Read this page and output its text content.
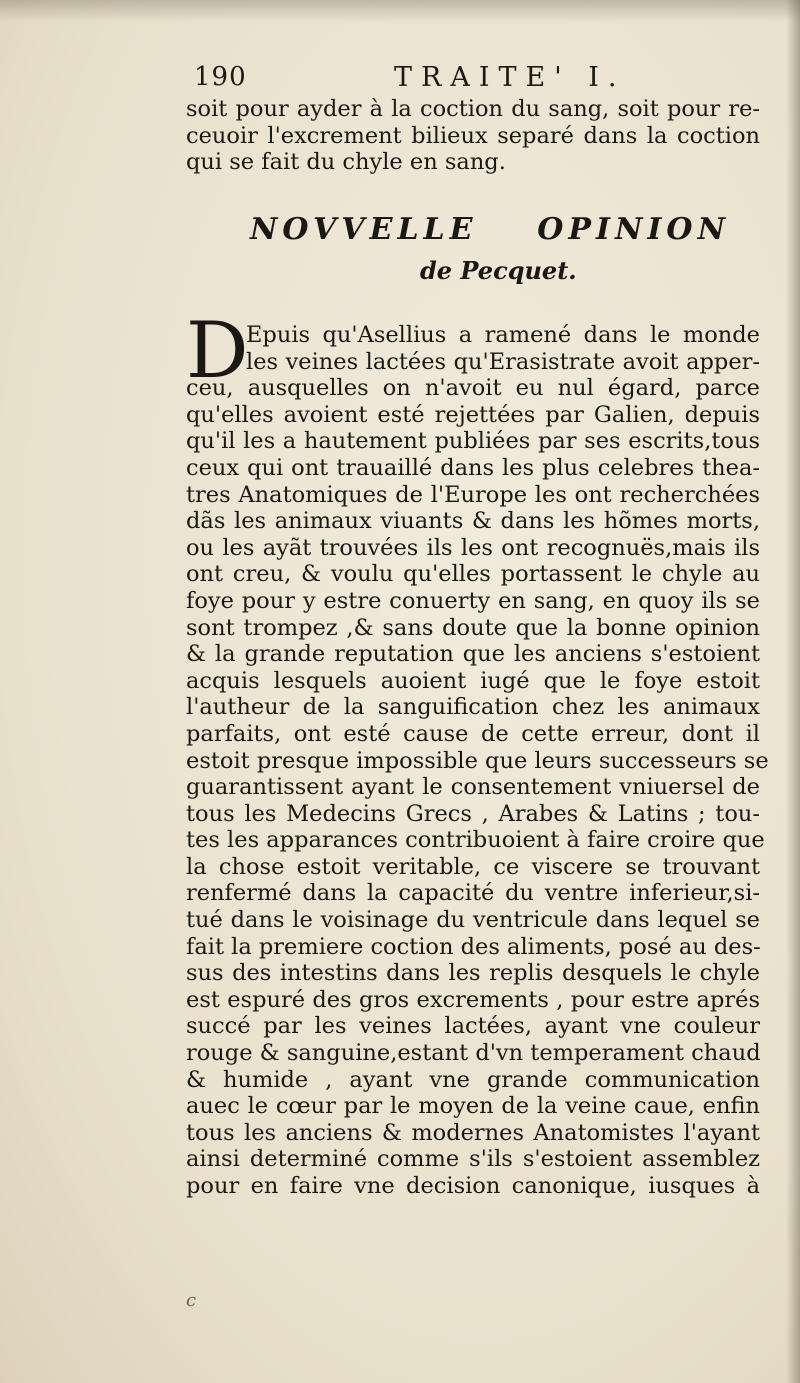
190	TRAITE' I.
soit pour ayder à la coction du sang, soit pour re-
ceuoir l'excrement bilieux separé dans la coction
qui se fait du chyle en sang.
NOVVELLE OPINION
de Pecquet.
D
Epuis qu'Asellius a ramené dans le monde
les veines lactées qu'Erasistrate avoit apper-
ceu, ausquelles on n'avoit eu nul égard, parce
qu'elles avoient esté rejettées par Galien, depuis
qu'il les a hautement publiées par ses escrits,tous
ceux qui ont trauaillé dans les plus celebres thea-
tres Anatomiques de l'Europe les ont recherchées
dãs les animaux viuants & dans les hõmes morts,
ou les ayãt trouvées ils les ont recognuës,mais ils
ont creu, & voulu qu'elles portassent le chyle au
foye pour y estre conuerty en sang, en quoy ils se
sont trompez ,& sans doute que la bonne opinion
& la grande reputation que les anciens s'estoient
acquis lesquels auoient iugé que le foye estoit
l'autheur de la sanguification chez les animaux
parfaits, ont esté cause de cette erreur, dont il
estoit presque impossible que leurs successeurs se
guarantissent ayant le consentement vniuersel de
tous les Medecins Grecs , Arabes & Latins ; tou-
tes les apparances contribuoient à faire croire que
la chose estoit veritable, ce viscere se trouvant
renfermé dans la capacité du ventre inferieur,si-
tué dans le voisinage du ventricule dans lequel se
fait la premiere coction des aliments, posé au des-
sus des intestins dans les replis desquels le chyle
est espuré des gros excrements , pour estre aprés
succé par les veines lactées, ayant vne couleur
rouge & sanguine,estant d'vn temperament chaud
& humide , ayant vne grande communication
auec le cœur par le moyen de la veine caue, enfin
tous les anciens & modernes Anatomistes l'ayant
ainsi determiné comme s'ils s'estoient assemblez
pour en faire vne decision canonique, iusques à
c
